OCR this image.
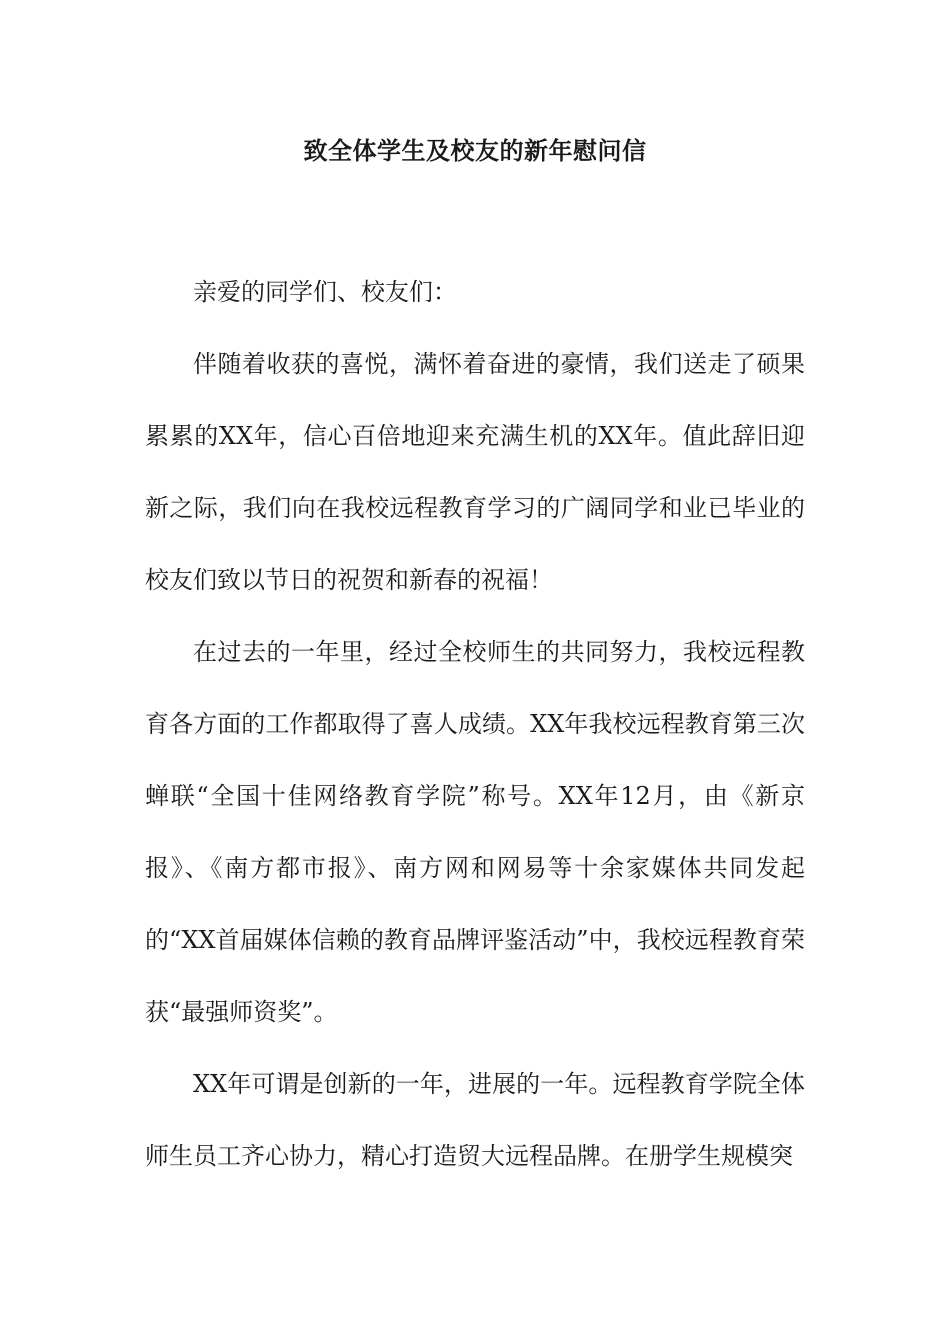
致全体学生及校友的新年慰问信

亲爱的同学们、校友们：

伴随着收获的喜悦，满怀着奋进的豪情，我们送走了硕果累累的XX年，信心百倍地迎来充满生机的XX年。值此辞旧迎新之际，我们向在我校远程教育学习的广阔同学和业已毕业的校友们致以节日的祝贺和新春的祝福！

在过去的一年里，经过全校师生的共同努力，我校远程教育各方面的工作都取得了喜人成绩。XX年我校远程教育第三次蝉联“全国十佳网络教育学院”称号。XX年12月，由《新京报》、《南方都市报》、南方网和网易等十余家媒体共同发起的“XX首届媒体信赖的教育品牌评鉴活动”中，我校远程教育荣获“最强师资奖”。

XX年可谓是创新的一年，进展的一年。远程教育学院全体师生员工齐心协力，精心打造贸大远程品牌。在册学生规模突
